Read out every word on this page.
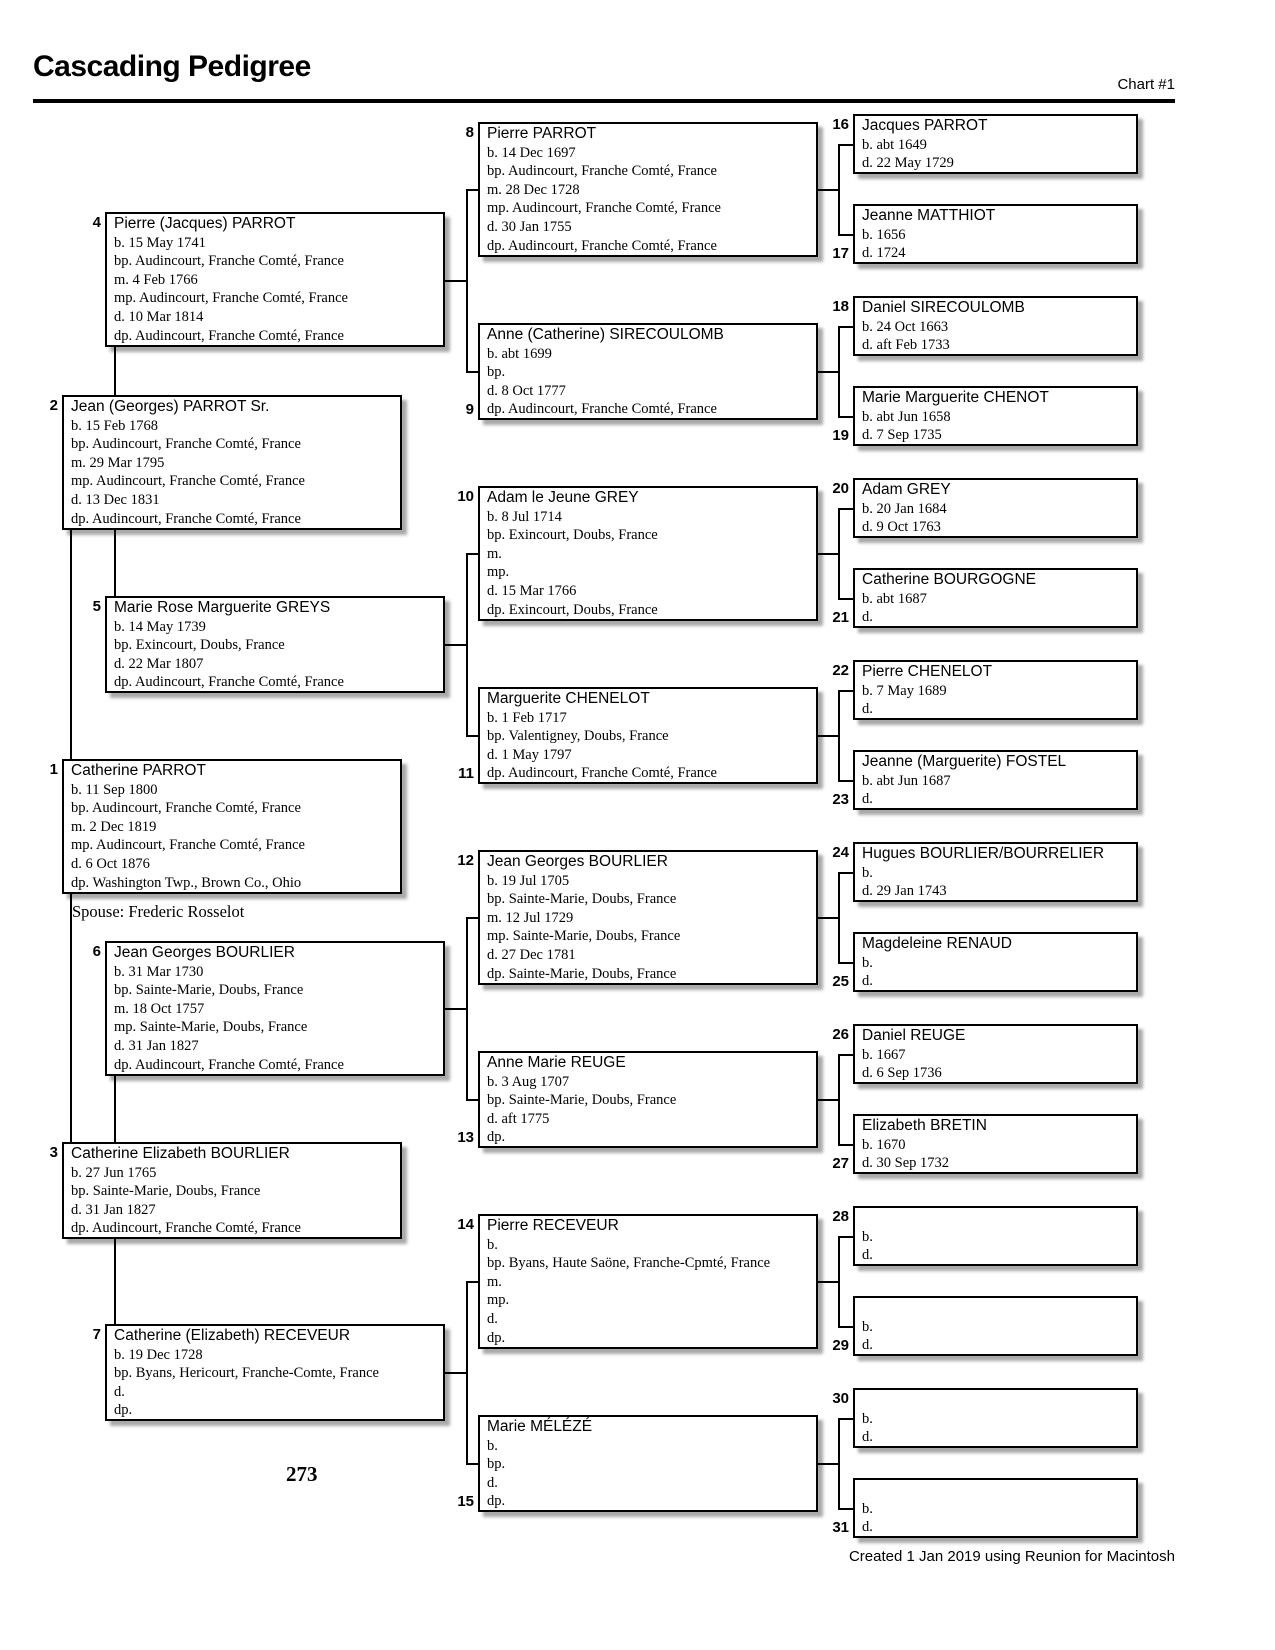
Cascading Pedigree
Chart #1
1 Catherine PARROT
b. 11 Sep 1800
bp. Audincourt, Franche Comté, France
m. 2 Dec 1819
mp. Audincourt, Franche Comté, France
d. 6 Oct 1876
dp. Washington Twp., Brown Co., Ohio
2 Jean (Georges) PARROT Sr.
b. 15 Feb 1768
bp. Audincourt, Franche Comté, France
m. 29 Mar 1795
mp. Audincourt, Franche Comté, France
d. 13 Dec 1831
dp. Audincourt, Franche Comté, France
3 Catherine Elizabeth BOURLIER
b. 27 Jun 1765
bp. Sainte-Marie, Doubs, France
d. 31 Jan 1827
dp. Audincourt, Franche Comté, France
4 Pierre (Jacques) PARROT
b. 15 May 1741
bp. Audincourt, Franche Comté, France
m. 4 Feb 1766
mp. Audincourt, Franche Comté, France
d. 10 Mar 1814
dp. Audincourt, Franche Comté, France
5 Marie Rose Marguerite GREYS
b. 14 May 1739
bp. Exincourt, Doubs, France
d. 22 Mar 1807
dp. Audincourt, Franche Comté, France
6 Jean Georges BOURLIER
b. 31 Mar 1730
bp. Sainte-Marie, Doubs, France
m. 18 Oct 1757
mp. Sainte-Marie, Doubs, France
d. 31 Jan 1827
dp. Audincourt, Franche Comté, France
7 Catherine (Elizabeth) RECEVEUR
b. 19 Dec 1728
bp. Byans, Hericourt, Franche-Comte, France
d.
dp.
8 Pierre PARROT
b. 14 Dec 1697
bp. Audincourt, Franche Comté, France
m. 28 Dec 1728
mp. Audincourt, Franche Comté, France
d. 30 Jan 1755
dp. Audincourt, Franche Comté, France
9
Anne (Catherine) SIRECOULOMB
b. abt 1699
bp.
d. 8 Oct 1777
dp. Audincourt, Franche Comté, France
10 Adam le Jeune GREY
b. 8 Jul 1714
bp. Exincourt, Doubs, France
m.
mp.
d. 15 Mar 1766
dp. Exincourt, Doubs, France
11
Marguerite CHENELOT
b. 1 Feb 1717
bp. Valentigney, Doubs, France
d. 1 May 1797
dp. Audincourt, Franche Comté, France
12 Jean Georges BOURLIER
b. 19 Jul 1705
bp. Sainte-Marie, Doubs, France
m. 12 Jul 1729
mp. Sainte-Marie, Doubs, France
d. 27 Dec 1781
dp. Sainte-Marie, Doubs, France
13
Anne Marie REUGE
b. 3 Aug 1707
bp. Sainte-Marie, Doubs, France
d. aft 1775
dp.
14 Pierre RECEVEUR
b.
bp. Byans, Haute Saöne, Franche-Cpmté, France
m.
mp.
d.
dp.
15
Marie MÉLÉZÉ
b.
bp.
d.
dp.
16 Jacques PARROT
b. abt 1649
d. 22 May 1729
17
Jeanne MATTHIOT
b. 1656
d. 1724
18 Daniel SIRECOULOMB
b. 24 Oct 1663
d. aft Feb 1733
19
Marie Marguerite CHENOT
b. abt Jun 1658
d. 7 Sep 1735
20 Adam GREY
b. 20 Jan 1684
d. 9 Oct 1763
21
Catherine BOURGOGNE
b. abt 1687
d.
22 Pierre CHENELOT
b. 7 May 1689
d.
23
Jeanne (Marguerite) FOSTEL
b. abt Jun 1687
d.
24 Hugues BOURLIER/BOURRELIER
b.
d. 29 Jan 1743
25
Magdeleine RENAUD
b.
d.
26 Daniel REUGE
b. 1667
d. 6 Sep 1736
27
Elizabeth BRETIN
b. 1670
d. 30 Sep 1732
28
b.
d.
29
b.
d.
30
b.
d.
31
b.
d.
Spouse: Frederic Rosselot
273
Created 1 Jan 2019 using Reunion for Macintosh
